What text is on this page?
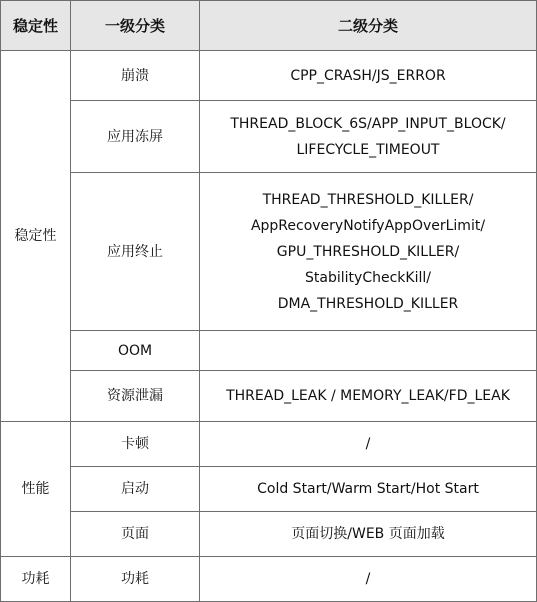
稳定性	一级分类	二级分类
稳定性	崩溃	CPP_CRASH/JS_ERROR

	应用冻屏	THREAD_BLOCK_6S/APP_INPUT_BLOCK/
LIFECYCLE_TIMEOUT

	应用终止	THREAD_THRESHOLD_KILLER/
AppRecoveryNotifyAppOverLimit/
GPU_THRESHOLD_KILLER/
StabilityCheckKill/
DMA_THRESHOLD_KILLER

	OOM	
	资源泄漏	THREAD_LEAK / MEMORY_LEAK/FD_LEAK

性能	卡顿	/

	启动	Cold Start/Warm Start/Hot Start

	页面	页面切换/WEB 页面加载

功耗	功耗	/
